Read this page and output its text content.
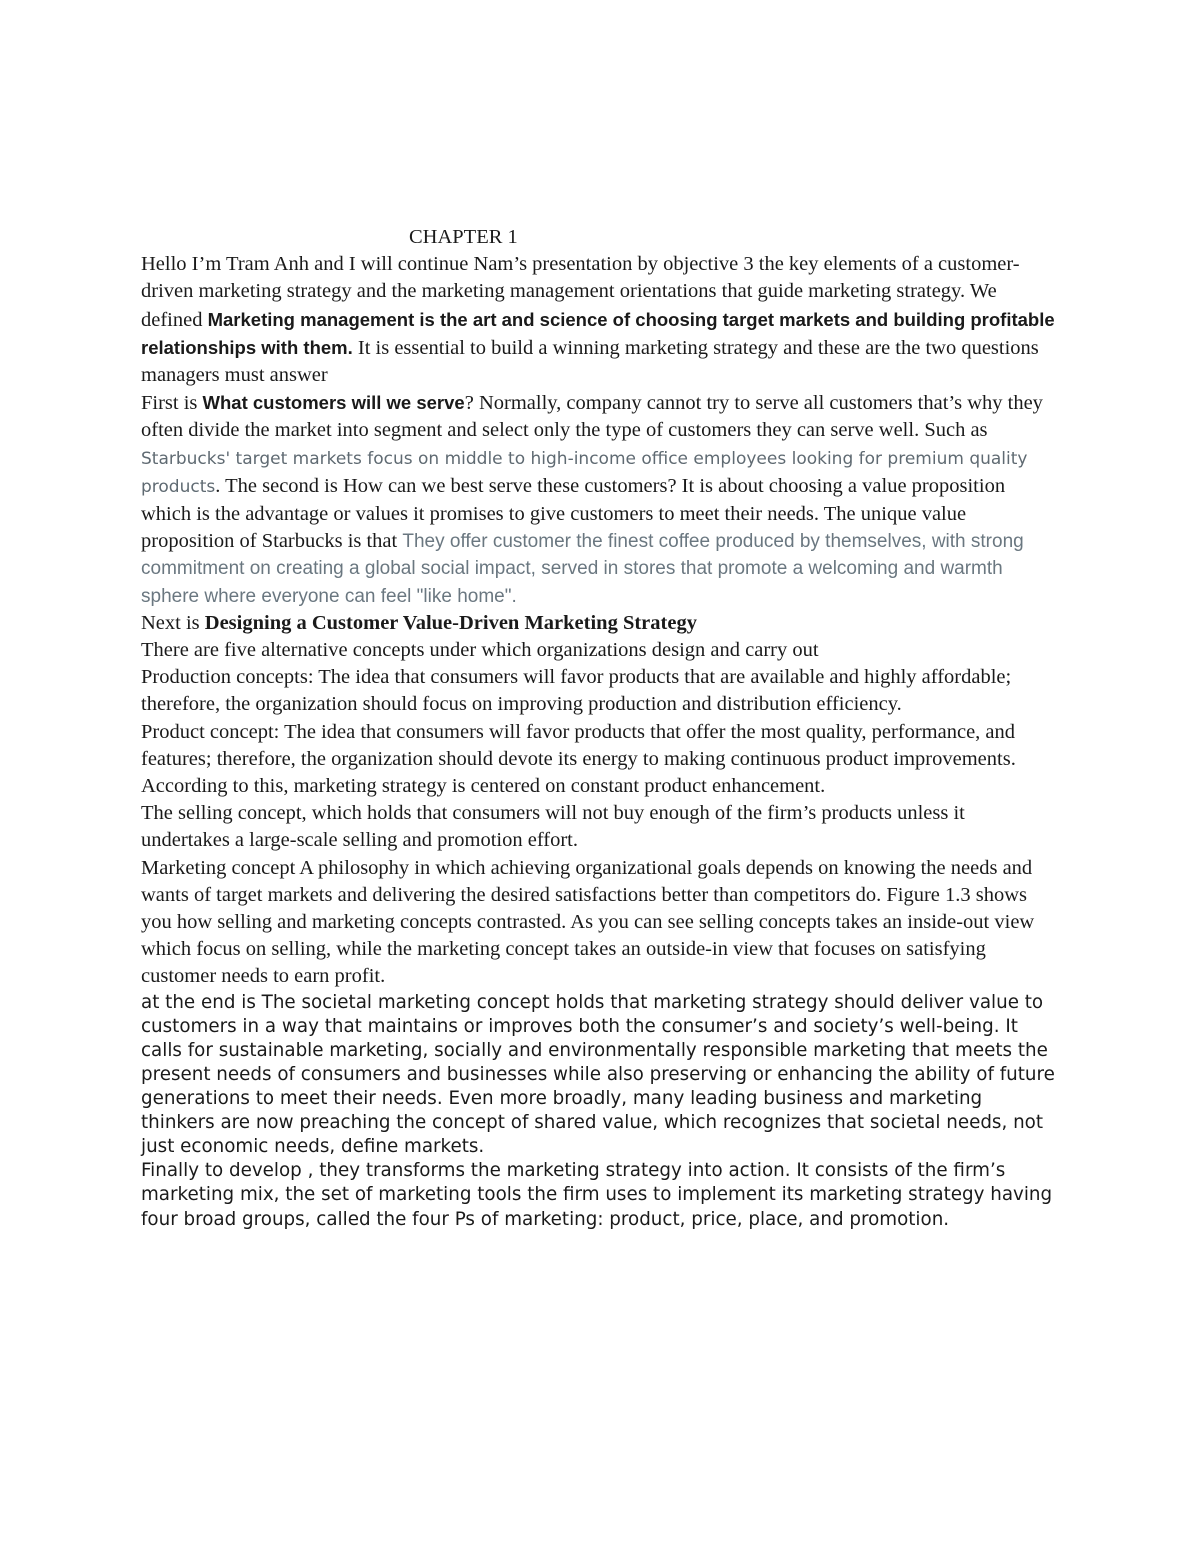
CHAPTER 1
Hello I’m Tram Anh and I will continue Nam’s presentation by objective 3 the key elements of a customer-driven marketing strategy and the marketing management orientations that guide marketing strategy. We defined Marketing management is the art and science of choosing target markets and building profitable relationships with them. It is essential to build a winning marketing strategy and these are the two questions managers must answer
First is What customers will we serve? Normally, company cannot try to serve all customers that’s why they often divide the market into segment and select only the type of customers they can serve well. Such as Starbucks' target markets focus on middle to high-income office employees looking for premium quality products. The second is How can we best serve these customers? It is about choosing a value proposition which is the advantage or values it promises to give customers to meet their needs. The unique value proposition of Starbucks is that They offer customer the finest coffee produced by themselves, with strong commitment on creating a global social impact, served in stores that promote a welcoming and warmth sphere where everyone can feel "like home".
Next is Designing a Customer Value-Driven Marketing Strategy
There are five alternative concepts under which organizations design and carry out
Production concepts: The idea that consumers will favor products that are available and highly affordable; therefore, the organization should focus on improving production and distribution efficiency.
Product concept: The idea that consumers will favor products that offer the most quality, performance, and features; therefore, the organization should devote its energy to making continuous product improvements. According to this, marketing strategy is centered on constant product enhancement.
The selling concept, which holds that consumers will not buy enough of the firm’s products unless it undertakes a large-scale selling and promotion effort.
Marketing concept A philosophy in which achieving organizational goals depends on knowing the needs and wants of target markets and delivering the desired satisfactions better than competitors do. Figure 1.3 shows you how selling and marketing concepts contrasted. As you can see selling concepts takes an inside-out view which focus on selling, while the marketing concept takes an outside-in view that focuses on satisfying customer needs to earn profit.
at the end is The societal marketing concept holds that marketing strategy should deliver value to customers in a way that maintains or improves both the consumer’s and society’s well-being. It calls for sustainable marketing, socially and environmentally responsible marketing that meets the present needs of consumers and businesses while also preserving or enhancing the ability of future generations to meet their needs. Even more broadly, many leading business and marketing thinkers are now preaching the concept of shared value, which recognizes that societal needs, not just economic needs, define markets.
Finally to develop , they transforms the marketing strategy into action. It consists of the firm’s
marketing mix, the set of marketing tools the firm uses to implement its marketing strategy having four broad groups, called the four Ps of marketing: product, price, place, and promotion.
